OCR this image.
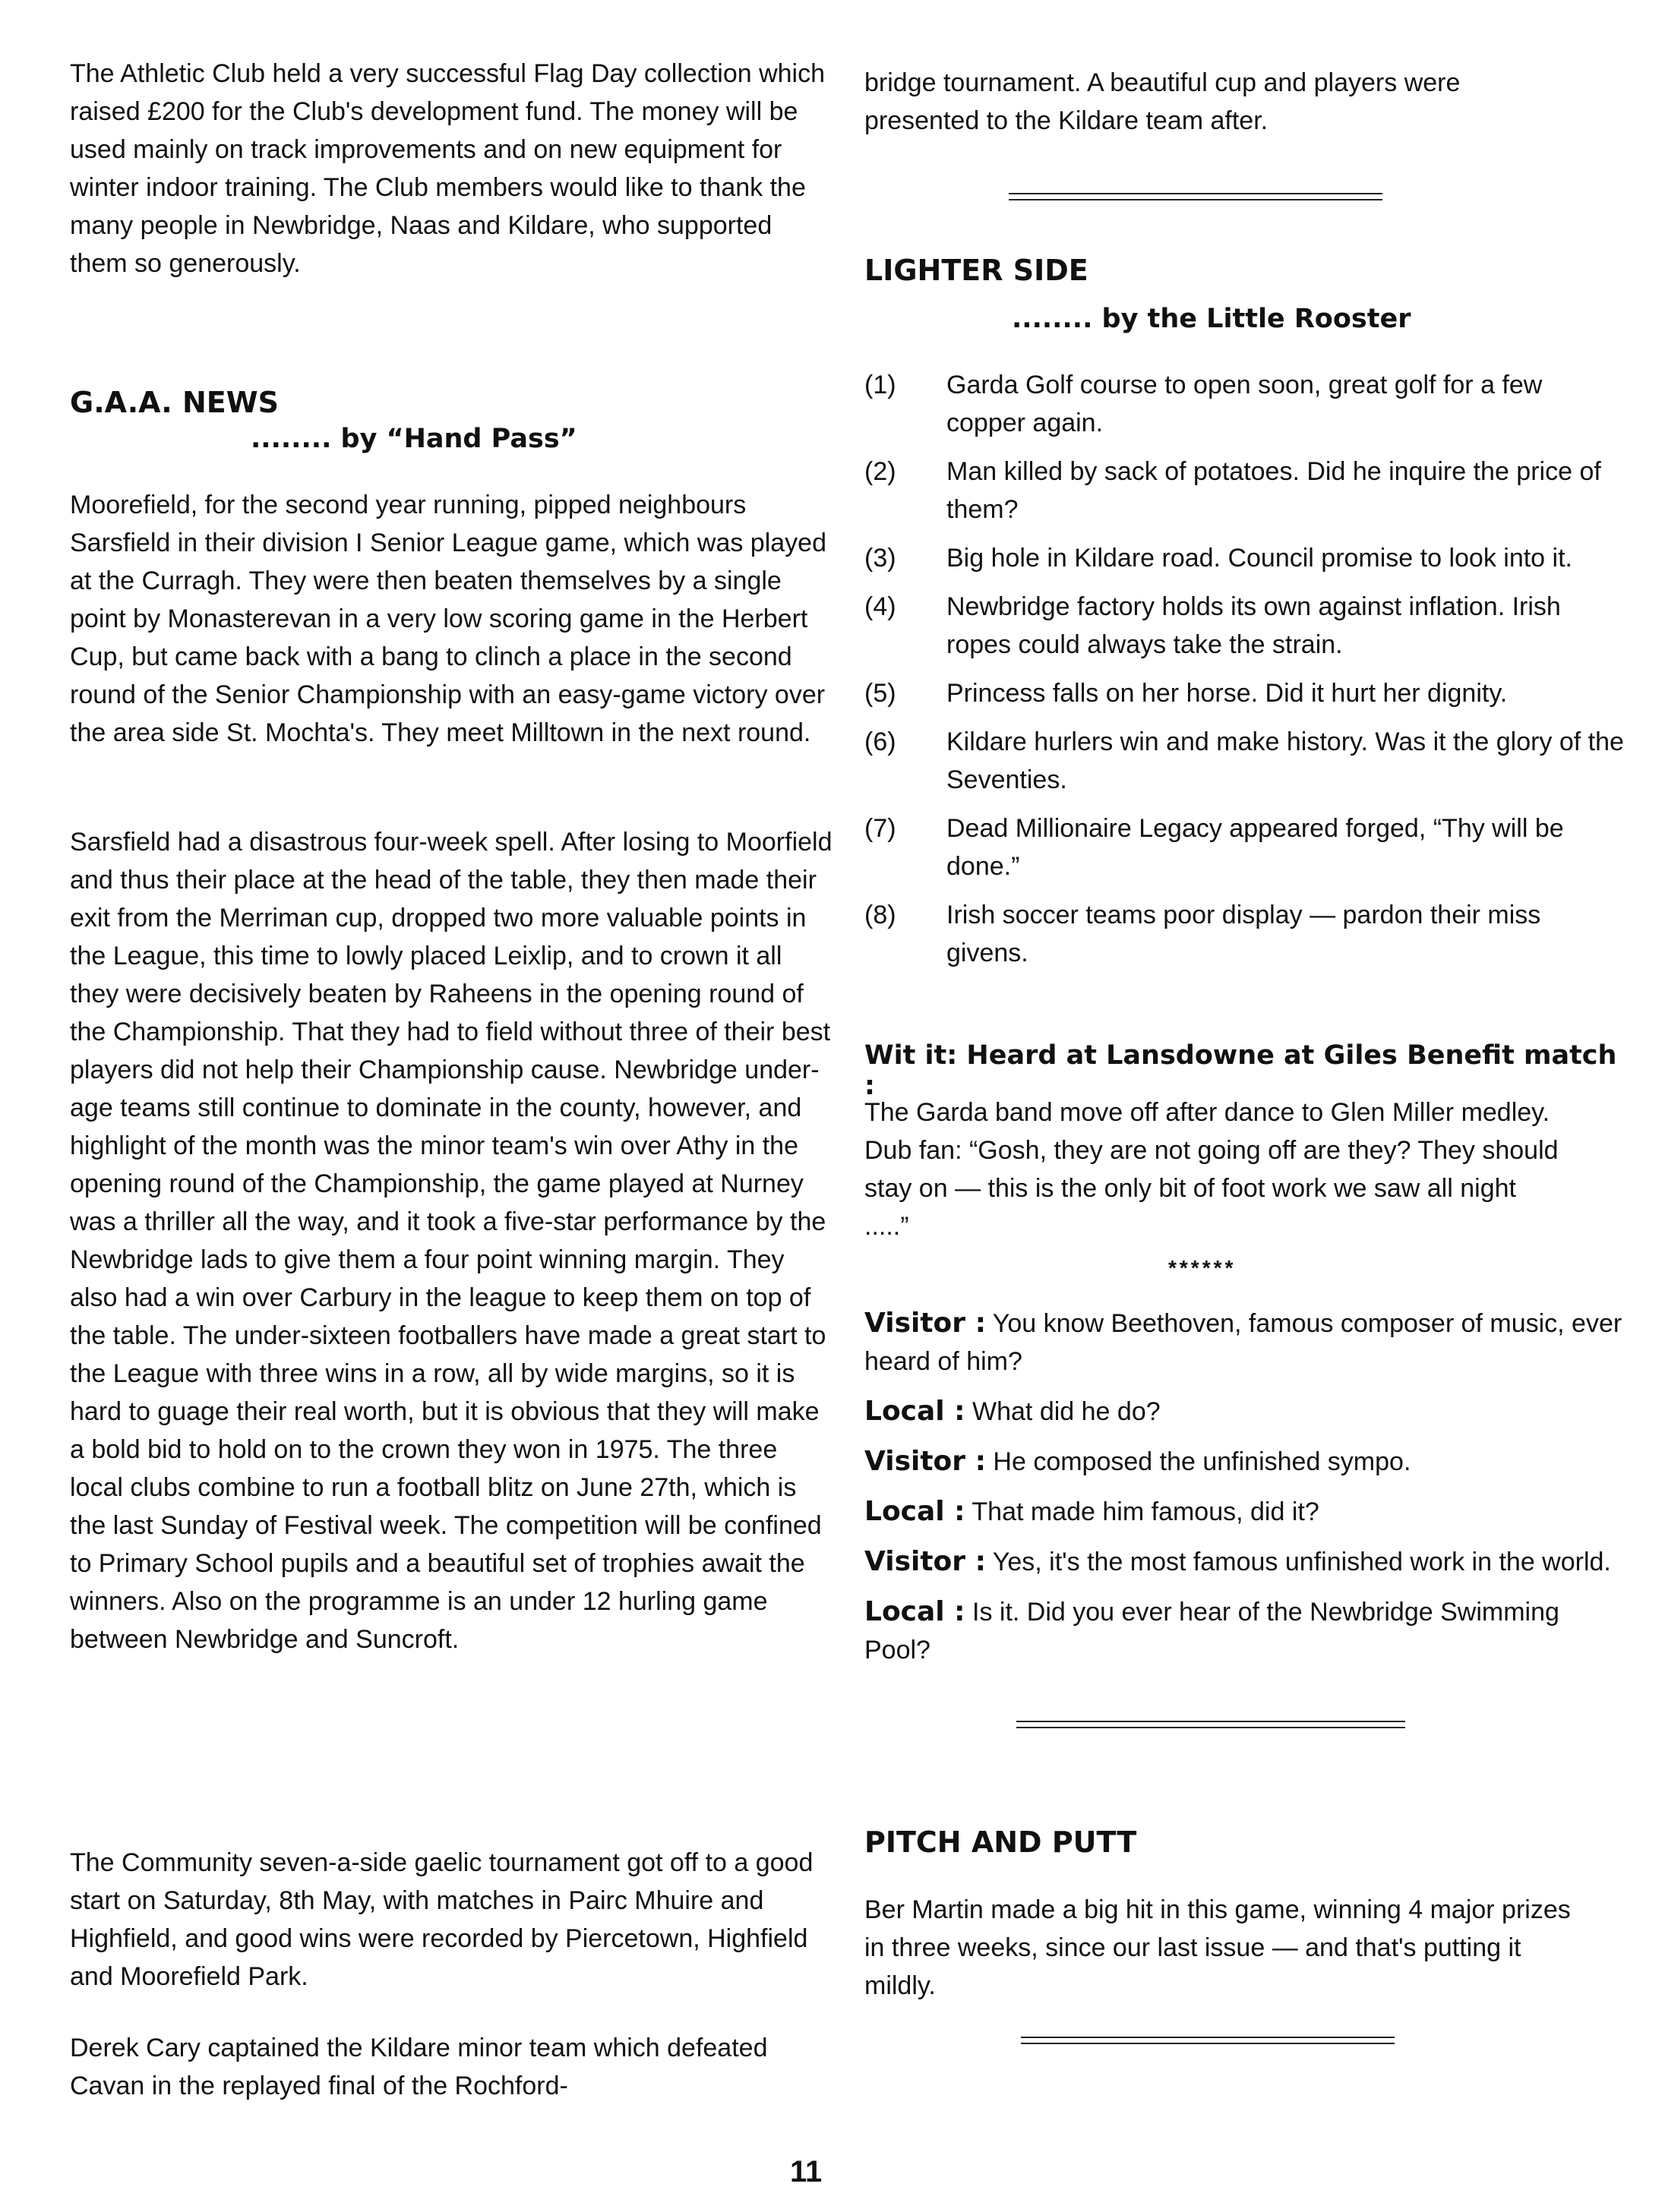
The Athletic Club held a very successful Flag Day collection which raised £200 for the Club's development fund. The money will be used mainly on track improvements and on new equipment for winter indoor training. The Club members would like to thank the many people in Newbridge, Naas and Kildare, who supported them so generously.

G.A.A. NEWS
........ by “Hand Pass”

Moorefield, for the second year running, pipped neighbours Sarsfield in their division I Senior League game, which was played at the Curragh. They were then beaten themselves by a single point by Monasterevan in a very low scoring game in the Herbert Cup, but came back with a bang to clinch a place in the second round of the Senior Championship with an easy-game victory over the area side St. Mochta's. They meet Milltown in the next round.

Sarsfield had a disastrous four-week spell. After losing to Moorfield and thus their place at the head of the table, they then made their exit from the Merriman cup, dropped two more valuable points in the League, this time to lowly placed Leixlip, and to crown it all they were decisively beaten by Raheens in the opening round of the Championship. That they had to field without three of their best players did not help their Championship cause. Newbridge under-age teams still continue to dominate in the county, however, and highlight of the month was the minor team's win over Athy in the opening round of the Championship, the game played at Nurney was a thriller all the way, and it took a five-star performance by the Newbridge lads to give them a four point winning margin. They also had a win over Carbury in the league to keep them on top of the table. The under-sixteen footballers have made a great start to the League with three wins in a row, all by wide margins, so it is hard to guage their real worth, but it is obvious that they will make a bold bid to hold on to the crown they won in 1975. The three local clubs combine to run a football blitz on June 27th, which is the last Sunday of Festival week. The competition will be confined to Primary School pupils and a beautiful set of trophies await the winners. Also on the programme is an under 12 hurling game between Newbridge and Suncroft.

The Community seven-a-side gaelic tournament got off to a good start on Saturday, 8th May, with matches in Pairc Mhuire and Highfield, and good wins were recorded by Piercetown, Highfield and Moorefield Park.

Derek Cary captained the Kildare minor team which defeated Cavan in the replayed final of the Rochford-

bridge tournament. A beautiful cup and players were presented to the Kildare team after.

LIGHTER SIDE
........ by the Little Rooster
(1) Garda Golf course to open soon, great golf for a few copper again.
(2) Man killed by sack of potatoes. Did he inquire the price of them?
(3) Big hole in Kildare road. Council promise to look into it.
(4) Newbridge factory holds its own against inflation. Irish ropes could always take the strain.
(5) Princess falls on her horse. Did it hurt her dignity.
(6) Kildare hurlers win and make history. Was it the glory of the Seventies.
(7) Dead Millionaire Legacy appeared forged, “Thy will be done.”
(8) Irish soccer teams poor display — pardon their miss givens.
Wit it: Heard at Lansdowne at Giles Benefit match :

The Garda band move off after dance to Glen Miller medley. Dub fan: “Gosh, they are not going off are they? They should stay on — this is the only bit of foot work we saw all night .....”

******
Visitor : You know Beethoven, famous composer of music, ever heard of him?
Local : What did he do?
Visitor : He composed the unfinished sympo.
Local : That made him famous, did it?
Visitor : Yes, it's the most famous unfinished work in the world.
Local : Is it. Did you ever hear of the Newbridge Swimming Pool?
PITCH AND PUTT

Ber Martin made a big hit in this game, winning 4 major prizes in three weeks, since our last issue — and that's putting it mildly.

11
